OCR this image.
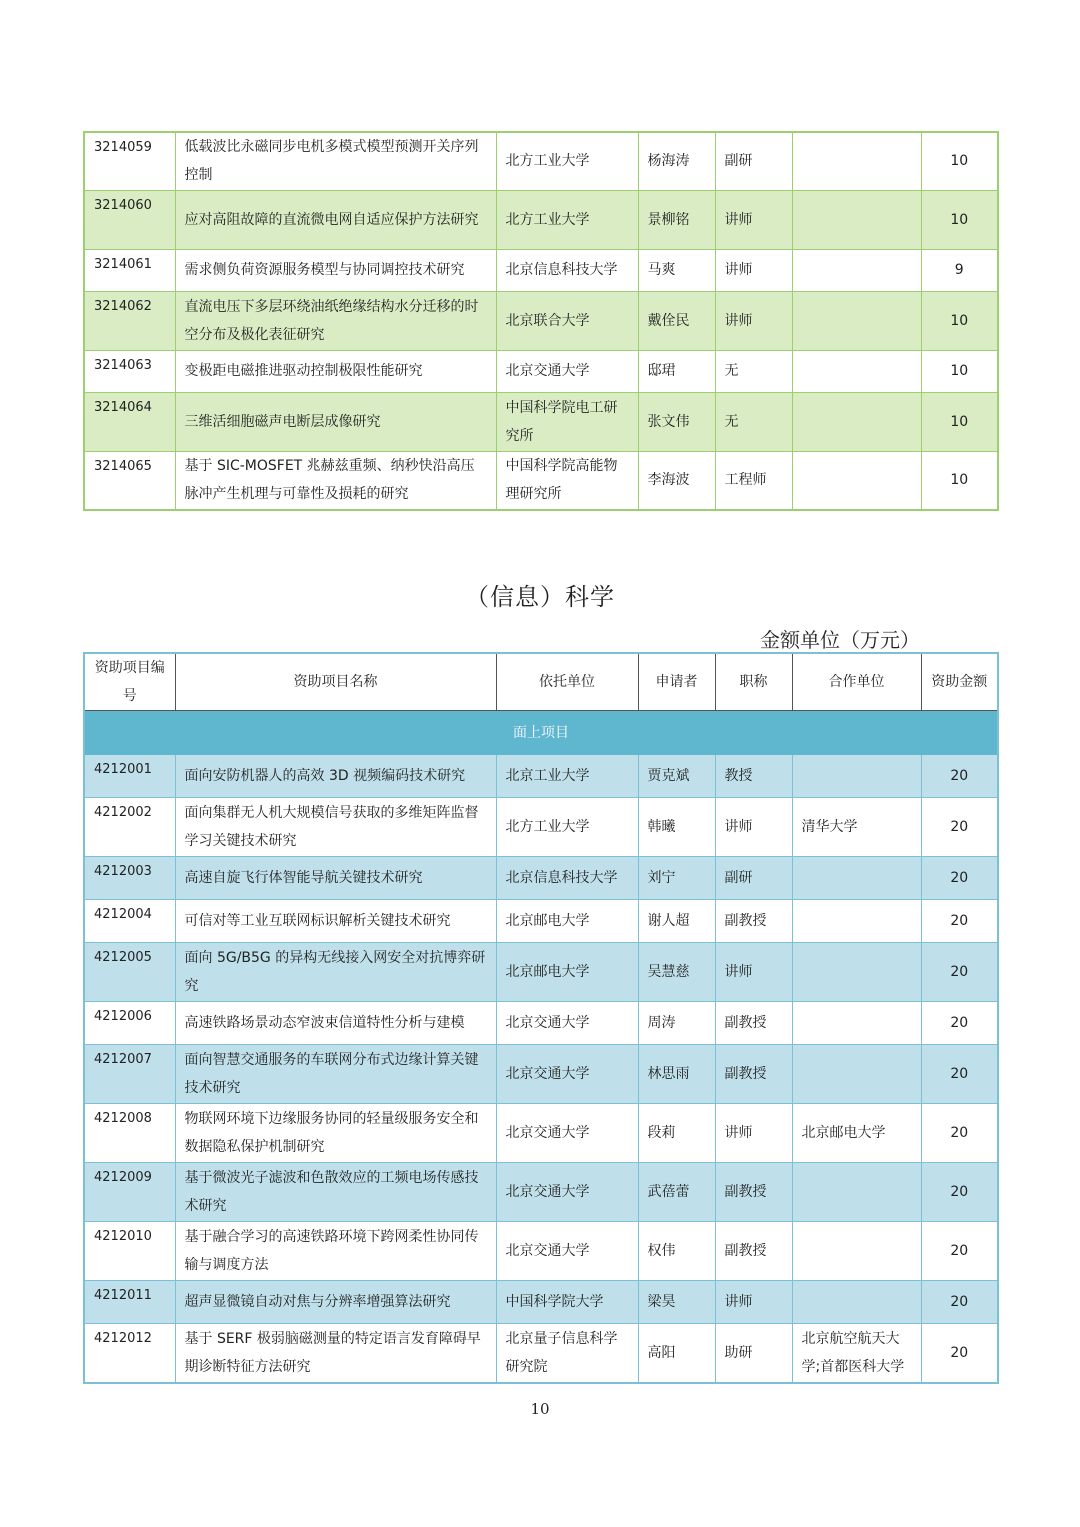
3214059	低载波比永磁同步电机多模式模型预测开关序列控制	北方工业大学	杨海涛	副研		10
3214060	应对高阻故障的直流微电网自适应保护方法研究	北方工业大学	景柳铭	讲师		10
3214061	需求侧负荷资源服务模型与协同调控技术研究	北京信息科技大学	马爽	讲师		9
3214062	直流电压下多层环绕油纸绝缘结构水分迁移的时空分布及极化表征研究	北京联合大学	戴佺民	讲师		10
3214063	变极距电磁推进驱动控制极限性能研究	北京交通大学	邸珺	无		10
3214064	三维活细胞磁声电断层成像研究	中国科学院电工研究所	张文伟	无		10
3214065	基于 SIC-MOSFET 兆赫兹重频、纳秒快沿高压脉冲产生机理与可靠性及损耗的研究	中国科学院高能物理研究所	李海波	工程师		10
（信息）科学
金额单位（万元）
资助项目编号	资助项目名称	依托单位	申请者	职称	合作单位	资助金额
面上项目						
4212001	面向安防机器人的高效 3D 视频编码技术研究	北京工业大学	贾克斌	教授		20
4212002	面向集群无人机大规模信号获取的多维矩阵监督学习关键技术研究	北方工业大学	韩曦	讲师	清华大学	20
4212003	高速自旋飞行体智能导航关键技术研究	北京信息科技大学	刘宁	副研		20
4212004	可信对等工业互联网标识解析关键技术研究	北京邮电大学	谢人超	副教授		20
4212005	面向 5G/B5G 的异构无线接入网安全对抗博弈研究	北京邮电大学	吴慧慈	讲师		20
4212006	高速铁路场景动态窄波束信道特性分析与建模	北京交通大学	周涛	副教授		20
4212007	面向智慧交通服务的车联网分布式边缘计算关键技术研究	北京交通大学	林思雨	副教授		20
4212008	物联网环境下边缘服务协同的轻量级服务安全和数据隐私保护机制研究	北京交通大学	段莉	讲师	北京邮电大学	20
4212009	基于微波光子滤波和色散效应的工频电场传感技术研究	北京交通大学	武蓓蕾	副教授		20
4212010	基于融合学习的高速铁路环境下跨网柔性协同传输与调度方法	北京交通大学	权伟	副教授		20
4212011	超声显微镜自动对焦与分辨率增强算法研究	中国科学院大学	梁昊	讲师		20
4212012	基于 SERF 极弱脑磁测量的特定语言发育障碍早期诊断特征方法研究	北京量子信息科学研究院	高阳	助研	北京航空航天大学;首都医科大学	20
10
